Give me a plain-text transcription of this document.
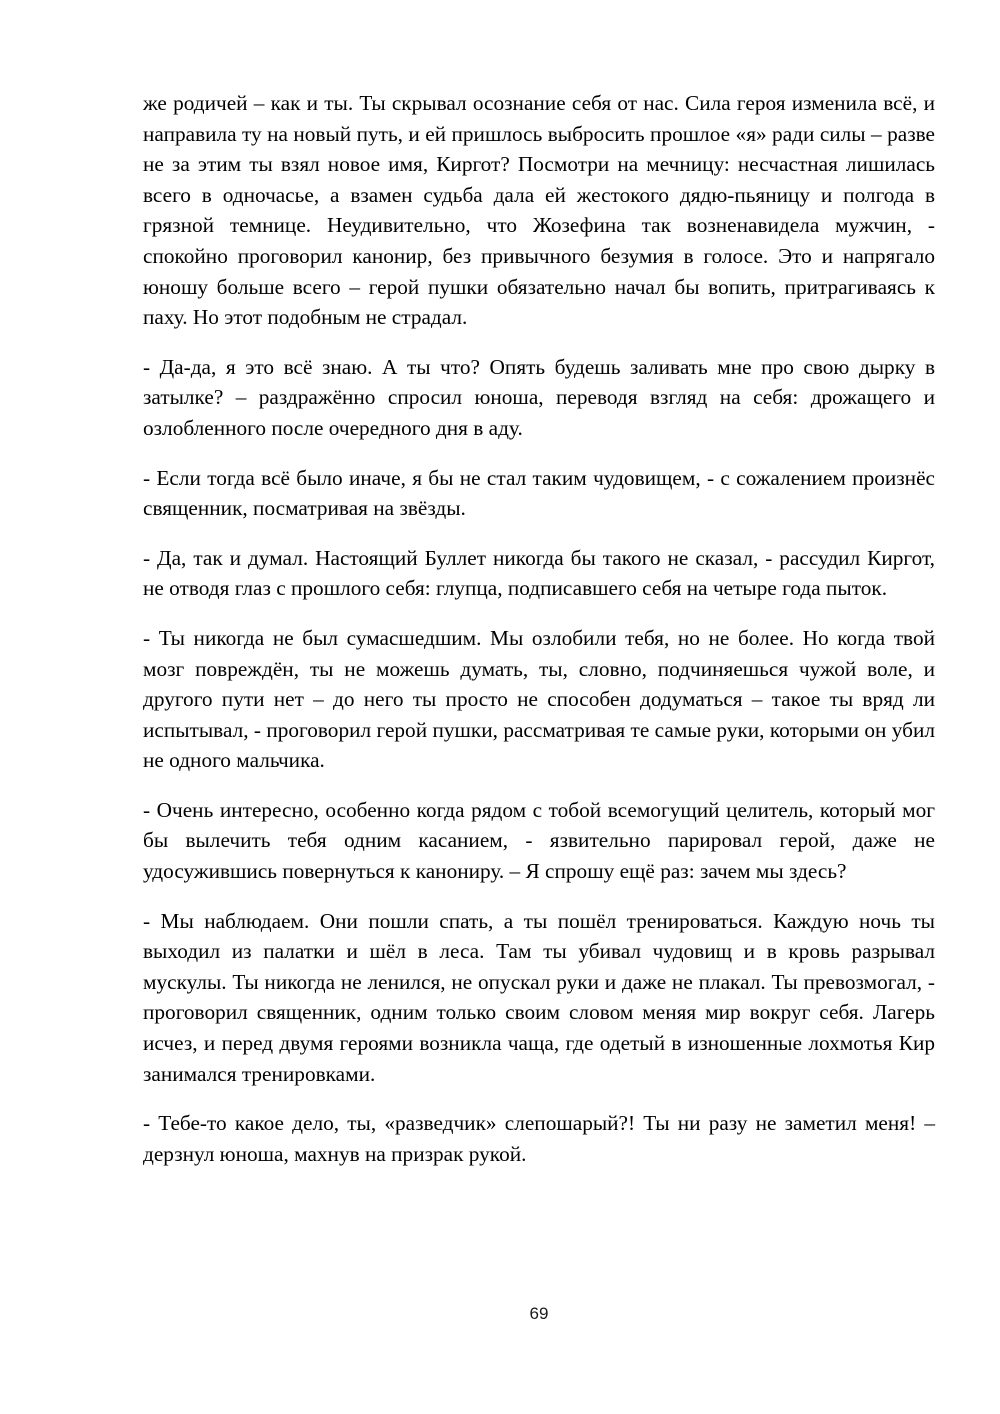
же родичей – как и ты. Ты скрывал осознание себя от нас. Сила героя изменила всё, и направила ту на новый путь, и ей пришлось выбросить прошлое «я» ради силы – разве не за этим ты взял новое имя, Киргот? Посмотри на мечницу: несчастная лишилась всего в одночасье, а взамен судьба дала ей жестокого дядю-пьяницу и полгода в грязной темнице. Неудивительно, что Жозефина так возненавидела мужчин, - спокойно проговорил канонир, без привычного безумия в голосе. Это и напрягало юношу больше всего – герой пушки обязательно начал бы вопить, притрагиваясь к паху. Но этот подобным не страдал.

- Да-да, я это всё знаю. А ты что? Опять будешь заливать мне про свою дырку в затылке? – раздражённо спросил юноша, переводя взгляд на себя: дрожащего и озлобленного после очередного дня в аду.

- Если тогда всё было иначе, я бы не стал таким чудовищем, - с сожалением произнёс священник, посматривая на звёзды.

- Да, так и думал. Настоящий Буллет никогда бы такого не сказал, - рассудил Киргот, не отводя глаз с прошлого себя: глупца, подписавшего себя на четыре года пыток.

- Ты никогда не был сумасшедшим. Мы озлобили тебя, но не более. Но когда твой мозг повреждён, ты не можешь думать, ты, словно, подчиняешься чужой воле, и другого пути нет – до него ты просто не способен додуматься – такое ты вряд ли испытывал, - проговорил герой пушки, рассматривая те самые руки, которыми он убил не одного мальчика.

- Очень интересно, особенно когда рядом с тобой всемогущий целитель, который мог бы вылечить тебя одним касанием, - язвительно парировал герой, даже не удосужившись повернуться к канониру. – Я спрошу ещё раз: зачем мы здесь?

- Мы наблюдаем. Они пошли спать, а ты пошёл тренироваться. Каждую ночь ты выходил из палатки и шёл в леса. Там ты убивал чудовищ и в кровь разрывал мускулы. Ты никогда не ленился, не опускал руки и даже не плакал. Ты превозмогал, - проговорил священник, одним только своим словом меняя мир вокруг себя. Лагерь исчез, и перед двумя героями возникла чаща, где одетый в изношенные лохмотья Кир занимался тренировками.

- Тебе-то какое дело, ты, «разведчик» слепошарый?! Ты ни разу не заметил меня! – дерзнул юноша, махнув на призрак рукой.

69
